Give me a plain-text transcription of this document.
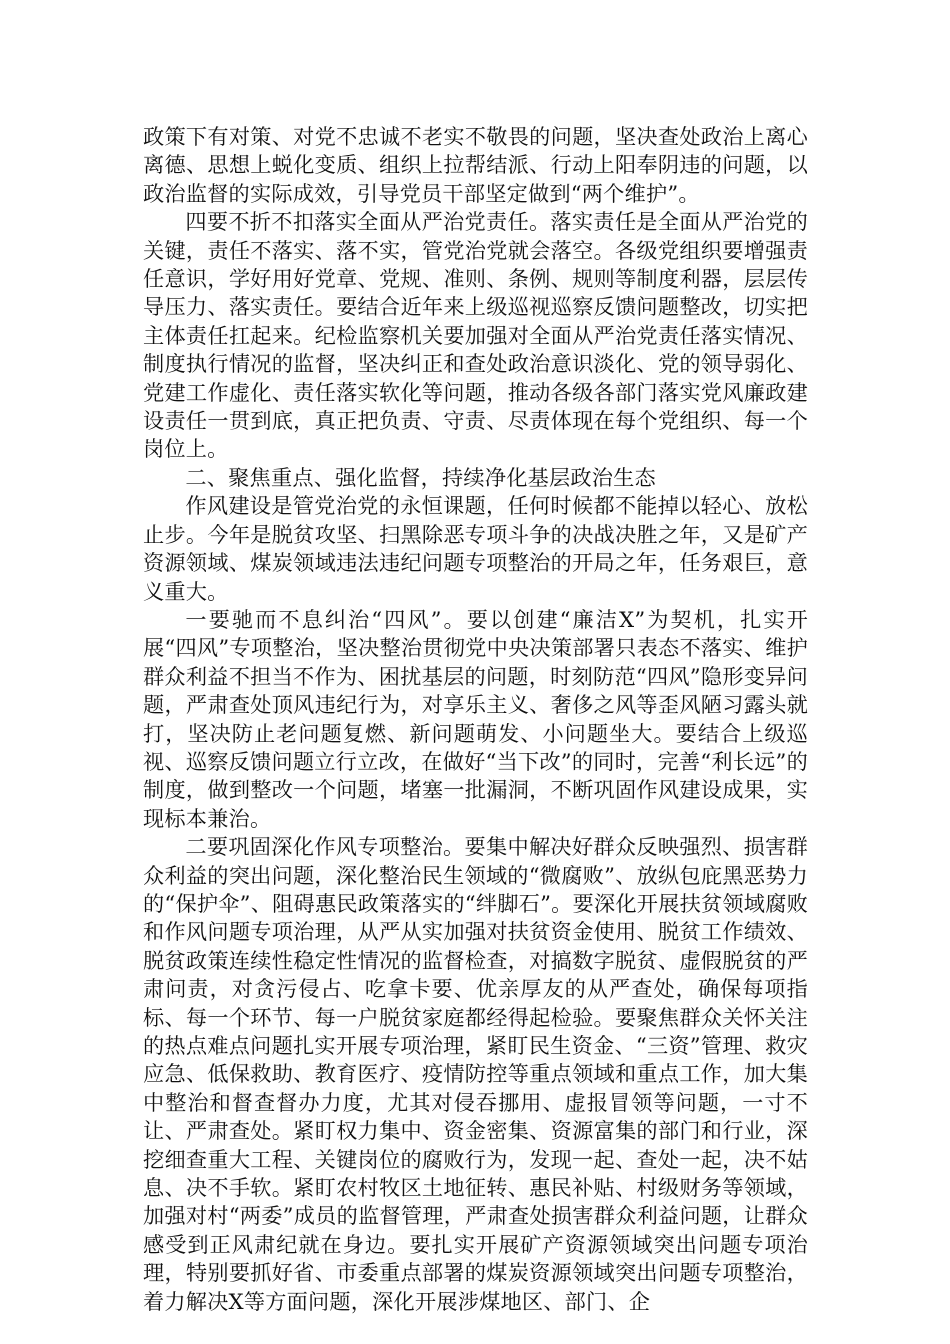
政策下有对策、对党不忠诚不老实不敬畏的问题，坚决查处政治上离心离德、思想上蜕化变质、组织上拉帮结派、行动上阳奉阴违的问题，以政治监督的实际成效，引导党员干部坚定做到“两个维护”。

四要不折不扣落实全面从严治党责任。落实责任是全面从严治党的关键，责任不落实、落不实，管党治党就会落空。各级党组织要增强责任意识，学好用好党章、党规、准则、条例、规则等制度利器，层层传导压力、落实责任。要结合近年来上级巡视巡察反馈问题整改，切实把主体责任扛起来。纪检监察机关要加强对全面从严治党责任落实情况、制度执行情况的监督，坚决纠正和查处政治意识淡化、党的领导弱化、党建工作虚化、责任落实软化等问题，推动各级各部门落实党风廉政建设责任一贯到底，真正把负责、守责、尽责体现在每个党组织、每一个岗位上。

二、聚焦重点、强化监督，持续净化基层政治生态

作风建设是管党治党的永恒课题，任何时候都不能掉以轻心、放松止步。今年是脱贫攻坚、扫黑除恶专项斗争的决战决胜之年，又是矿产资源领域、煤炭领域违法违纪问题专项整治的开局之年，任务艰巨，意义重大。

一要驰而不息纠治“四风”。要以创建“廉洁X”为契机，扎实开展“四风”专项整治，坚决整治贯彻党中央决策部署只表态不落实、维护群众利益不担当不作为、困扰基层的问题，时刻防范“四风”隐形变异问题，严肃查处顶风违纪行为，对享乐主义、奢侈之风等歪风陋习露头就打，坚决防止老问题复燃、新问题萌发、小问题坐大。要结合上级巡视、巡察反馈问题立行立改，在做好“当下改”的同时，完善“利长远”的制度，做到整改一个问题，堵塞一批漏洞，不断巩固作风建设成果，实现标本兼治。

二要巩固深化作风专项整治。要集中解决好群众反映强烈、损害群众利益的突出问题，深化整治民生领域的“微腐败”、放纵包庇黑恶势力的“保护伞”、阻碍惠民政策落实的“绊脚石”。要深化开展扶贫领域腐败和作风问题专项治理，从严从实加强对扶贫资金使用、脱贫工作绩效、脱贫政策连续性稳定性情况的监督检查，对搞数字脱贫、虚假脱贫的严肃问责，对贪污侵占、吃拿卡要、优亲厚友的从严查处，确保每项指标、每一个环节、每一户脱贫家庭都经得起检验。要聚焦群众关怀关注的热点难点问题扎实开展专项治理，紧盯民生资金、“三资”管理、救灾应急、低保救助、教育医疗、疫情防控等重点领域和重点工作，加大集中整治和督查督办力度，尤其对侵吞挪用、虚报冒领等问题，一寸不让、严肃查处。紧盯权力集中、资金密集、资源富集的部门和行业，深挖细查重大工程、关键岗位的腐败行为，发现一起、查处一起，决不姑息、决不手软。紧盯农村牧区土地征转、惠民补贴、村级财务等领域，加强对村“两委”成员的监督管理，严肃查处损害群众利益问题，让群众感受到正风肃纪就在身边。要扎实开展矿产资源领域突出问题专项治理，特别要抓好省、市委重点部署的煤炭资源领域突出问题专项整治，着力解决X等方面问题，深化开展涉煤地区、部门、企
